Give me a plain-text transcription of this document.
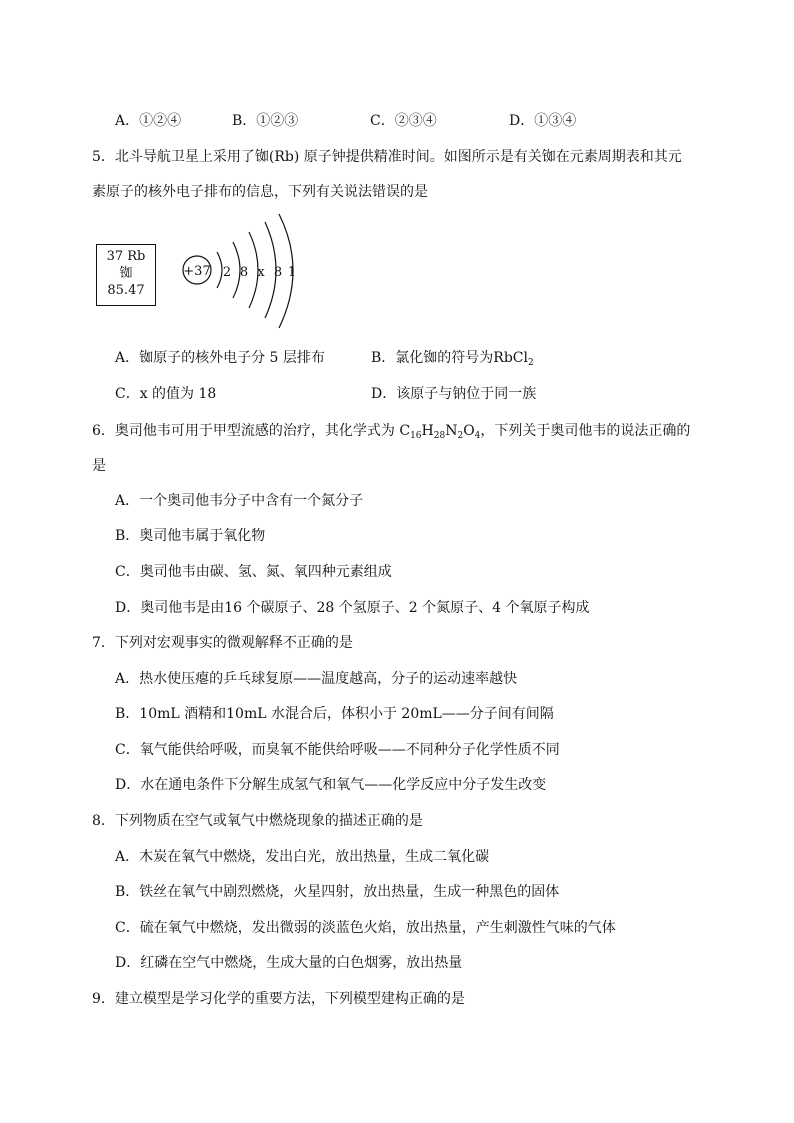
A．①②④	B．①②③	C．②③④	D．①③④
5．北斗导航卫星上采用了铷(Rb) 原子钟提供精准时间。如图所示是有关铷在元素周期表和其元
素原子的核外电子排布的信息，下列有关说法错误的是
37 Rb
铷
85.47
+37 2 8 x 8 1
A．铷原子的核外电子分 5 层排布	B．氯化铷的符号为RbCl$_2$
C．x 的值为 18	D．该原子与钠位于同一族
6．奥司他韦可用于甲型流感的治疗，其化学式为 $C_{16}H_{28}N_2O_4$，下列关于奥司他韦的说法正确的
是
A．一个奥司他韦分子中含有一个氮分子
B．奥司他韦属于氧化物
C．奥司他韦由碳、氢、氮、氧四种元素组成
D．奥司他韦是由16 个碳原子、28 个氢原子、2 个氮原子、4 个氧原子构成
7．下列对宏观事实的微观解释不正确的是
A．热水使压瘪的乒乓球复原——温度越高，分子的运动速率越快
B．10mL 酒精和10mL 水混合后，体积小于 20mL——分子间有间隔
C．氧气能供给呼吸，而臭氧不能供给呼吸——不同种分子化学性质不同
D．水在通电条件下分解生成氢气和氧气——化学反应中分子发生改变
8．下列物质在空气或氧气中燃烧现象的描述正确的是
A．木炭在氧气中燃烧，发出白光，放出热量，生成二氧化碳
B．铁丝在氧气中剧烈燃烧，火星四射，放出热量，生成一种黑色的固体
C．硫在氧气中燃烧，发出微弱的淡蓝色火焰，放出热量，产生刺激性气味的气体
D．红磷在空气中燃烧，生成大量的白色烟雾，放出热量
9．建立模型是学习化学的重要方法，下列模型建构正确的是
